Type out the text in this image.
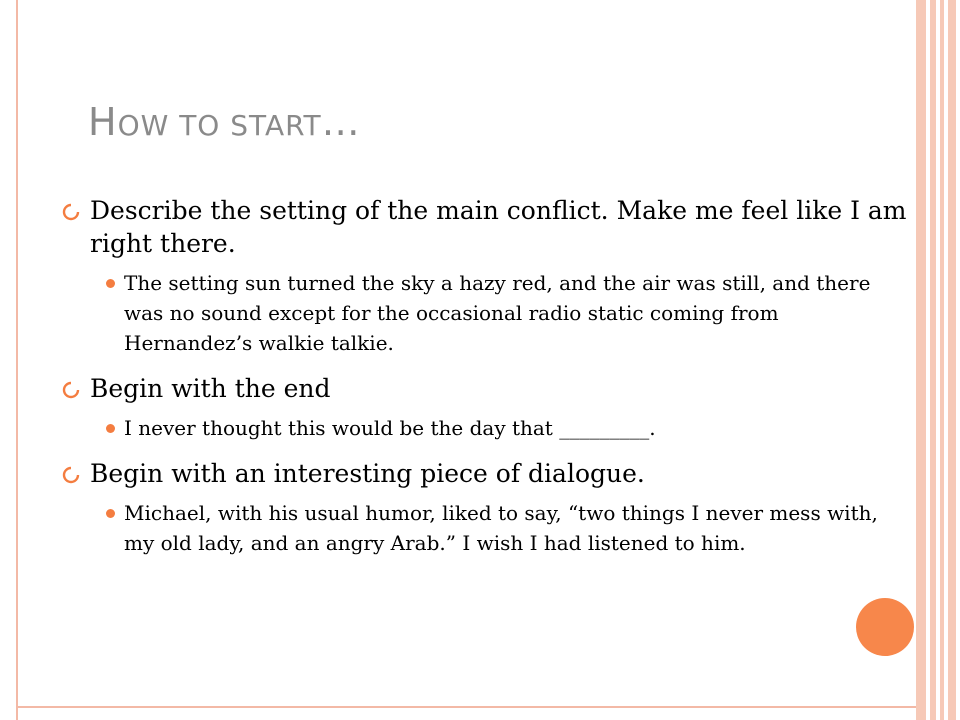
HOW TO START…
Describe the setting of the main conflict. Make me feel like I am right there.
The setting sun turned the sky a hazy red, and the air was still, and there was no sound except for the occasional radio static coming from Hernandez’s walkie talkie.
Begin with the end
I never thought this would be the day that _________.
Begin with an interesting piece of dialogue.
Michael, with his usual humor, liked to say, “two things I never mess with, my old lady, and an angry Arab.” I wish I had listened to him.
